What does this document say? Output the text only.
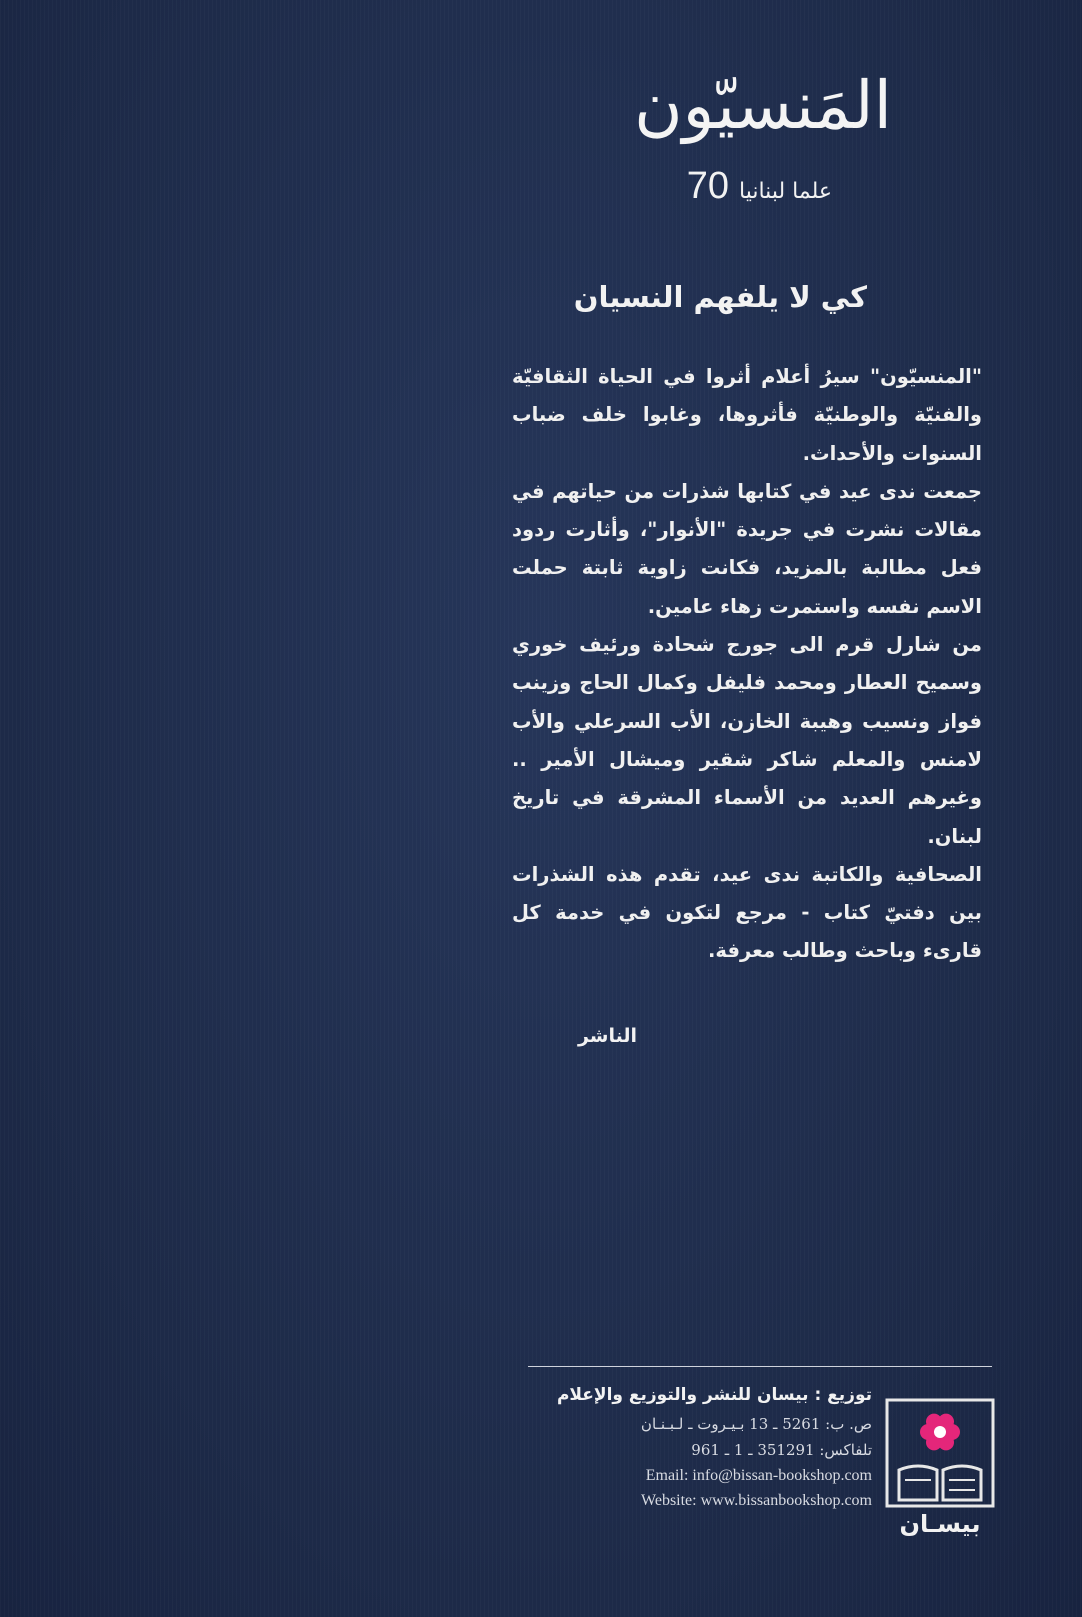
المَنسيّون
علما لبنانيا
70
كي لا يلفهم النسيان

"المنسيّون" سيرُ أعلام أثروا في الحياة الثقافيّة والفنيّة والوطنيّة فأثروها، وغابوا خلف ضباب السنوات والأحداث.

جمعت ندى عيد في كتابها شذرات من حياتهم في مقالات نشرت في جريدة "الأنوار"، وأثارت ردود فعل مطالبة بالمزيد، فكانت زاوية ثابتة حملت الاسم نفسه واستمرت زهاء عامين.

من شارل قرم الى جورج شحادة ورئيف خوري وسميح العطار ومحمد فليفل وكمال الحاج وزينب فواز ونسيب وهيبة الخازن، الأب السرعلي والأب لامنس والمعلم شاكر شقير وميشال الأمير .. وغيرهم العديد من الأسماء المشرقة في تاريخ لبنان.

الصحافية والكاتبة ندى عيد، تقدم هذه الشذرات بين دفتيّ كتاب - مرجع لتكون في خدمة كل قارىء وباحث وطالب معرفة.

الناشر
توزيع : بيسان للنشر والتوزيع والإعلام
ص. ب: 5261 ـ 13 بـيـروت ـ لـبـنـان
تلفاكس: 351291 ـ 1 ـ 961
Email: info@bissan-bookshop.com
Website: www.bissanbookshop.com
بيسـان
